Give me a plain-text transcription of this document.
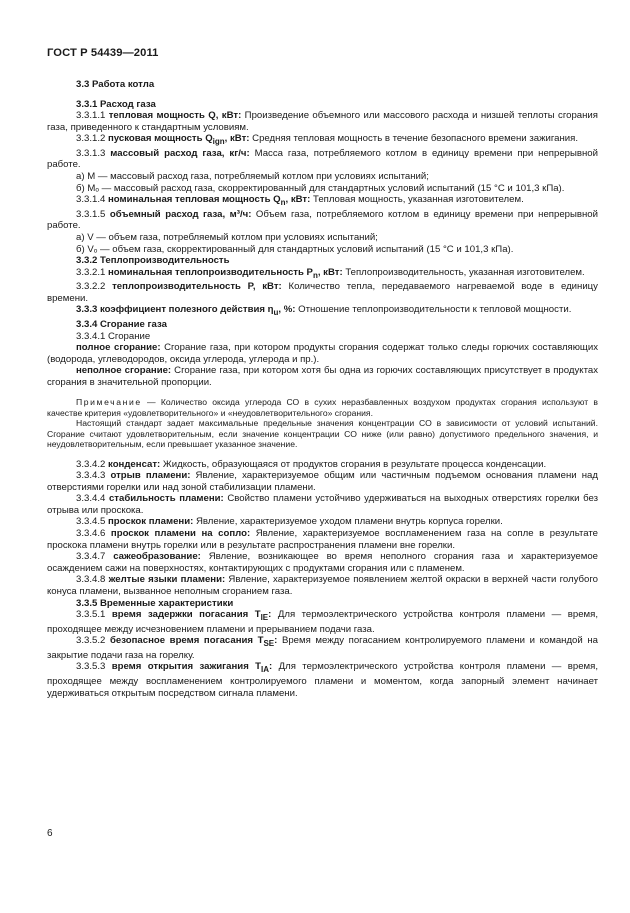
ГОСТ Р 54439—2011

3.3 Работа котла

3.3.1 Расход газа

3.3.1.1 тепловая мощность Q, кВт: Произведение объемного или массового расхода и низшей теплоты сгорания газа, приведенного к стандартным условиям.

3.3.1.2 пусковая мощность $Q_{ign}$, кВт: Средняя тепловая мощность в течение безопасного времени зажигания.

3.3.1.3 массовый расход газа, кг/ч: Масса газа, потребляемого котлом в единицу времени при непрерывной работе.

а) M — массовый расход газа, потребляемый котлом при условиях испытаний;

б) Mₒ — массовый расход газа, скорректированный для стандартных условий испытаний (15 °С и 101,3 кПа).

3.3.1.4 номинальная тепловая мощность $Q_n$, кВт: Тепловая мощность, указанная изготовителем.

3.3.1.5 объемный расход газа, м³/ч: Объем газа, потребляемого котлом в единицу времени при непрерывной работе.

а) V — объем газа, потребляемый котлом при условиях испытаний;

б) Vₒ — объем газа, скорректированный для стандартных условий испытаний (15 °С и 101,3 кПа).

3.3.2 Теплопроизводительность

3.3.2.1 номинальная теплопроизводительность $P_n$, кВт: Теплопроизводительность, указанная изготовителем.

3.3.2.2 теплопроизводительность P, кВт: Количество тепла, передаваемого нагреваемой воде в единицу времени.

3.3.3 коэффициент полезного действия $\eta_u$, %: Отношение теплопроизводительности к тепловой мощности.

3.3.4 Сгорание газа

3.3.4.1 Сгорание

полное сгорание: Сгорание газа, при котором продукты сгорания содержат только следы горючих составляющих (водорода, углеводородов, оксида углерода, углерода и пр.).

неполное сгорание: Сгорание газа, при котором хотя бы одна из горючих составляющих присутствует в продуктах сгорания в значительной пропорции.

Примечание — Количество оксида углерода СО в сухих неразбавленных воздухом продуктах сгорания используют в качестве критерия «удовлетворительного» и «неудовлетворительного» сгорания.

Настоящий стандарт задает максимальные предельные значения концентрации СО в зависимости от условий испытаний. Сгорание считают удовлетворительным, если значение концентрации СО ниже (или равно) допустимого предельного значения, и неудовлетворительным, если превышает указанное значение.

3.3.4.2 конденсат: Жидкость, образующаяся от продуктов сгорания в результате процесса конденсации.

3.3.4.3 отрыв пламени: Явление, характеризуемое общим или частичным подъемом основания пламени над отверстиями горелки или над зоной стабилизации пламени.

3.3.4.4 стабильность пламени: Свойство пламени устойчиво удерживаться на выходных отверстиях горелки без отрыва или проскока.

3.3.4.5 проскок пламени: Явление, характеризуемое уходом пламени внутрь корпуса горелки.

3.3.4.6 проскок пламени на сопло: Явление, характеризуемое воспламенением газа на сопле в результате проскока пламени внутрь горелки или в результате распространения пламени вне горелки.

3.3.4.7 сажеобразование: Явление, возникающее во время неполного сгорания газа и характеризуемое осаждением сажи на поверхностях, контактирующих с продуктами сгорания или с пламенем.

3.3.4.8 желтые языки пламени: Явление, характеризуемое появлением желтой окраски в верхней части голубого конуса пламени, вызванное неполным сгоранием газа.

3.3.5 Временные характеристики

3.3.5.1 время задержки погасания $T_{IE}$: Для термоэлектрического устройства контроля пламени — время, проходящее между исчезновением пламени и прерыванием подачи газа.

3.3.5.2 безопасное время погасания $T_{SE}$: Время между погасанием контролируемого пламени и командой на закрытие подачи газа на горелку.

3.3.5.3 время открытия зажигания $T_{IA}$: Для термоэлектрического устройства контроля пламени — время, проходящее между воспламенением контролируемого пламени и моментом, когда запорный элемент начинает удерживаться открытым посредством сигнала пламени.

6
